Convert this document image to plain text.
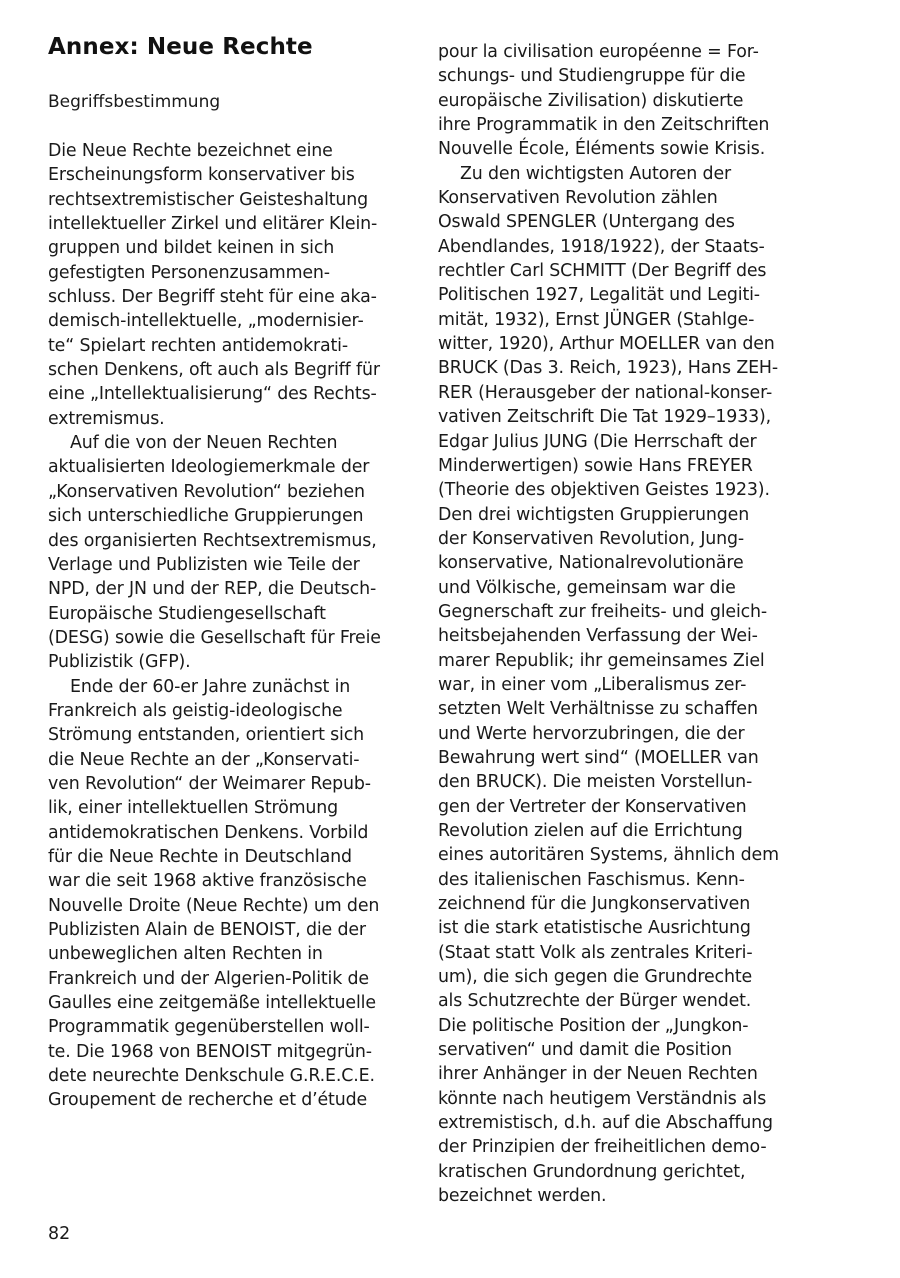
Annex: Neue Rechte

Begriffsbestimmung

Die Neue Rechte bezeichnet eine
Erscheinungsform konservativer bis
rechtsextremistischer Geisteshaltung
intellektueller Zirkel und elitärer Klein-
gruppen und bildet keinen in sich
gefestigten Personenzusammen-
schluss. Der Begriff steht für eine aka-
demisch-intellektuelle, „modernisier-
te“ Spielart rechten antidemokrati-
schen Denkens, oft auch als Begriff für
eine „Intellektualisierung“ des Rechts-
extremismus.
Auf die von der Neuen Rechten
aktualisierten Ideologiemerkmale der
„Konservativen Revolution“ beziehen
sich unterschiedliche Gruppierungen
des organisierten Rechtsextremismus,
Verlage und Publizisten wie Teile der
NPD, der JN und der REP, die Deutsch-
Europäische Studiengesellschaft
(DESG) sowie die Gesellschaft für Freie
Publizistik (GFP).
Ende der 60-er Jahre zunächst in
Frankreich als geistig-ideologische
Strömung entstanden, orientiert sich
die Neue Rechte an der „Konservati-
ven Revolution“ der Weimarer Repub-
lik, einer intellektuellen Strömung
antidemokratischen Denkens. Vorbild
für die Neue Rechte in Deutschland
war die seit 1968 aktive französische
Nouvelle Droite (Neue Rechte) um den
Publizisten Alain de BENOIST, die der
unbeweglichen alten Rechten in
Frankreich und der Algerien-Politik de
Gaulles eine zeitgemäße intellektuelle
Programmatik gegenüberstellen woll-
te. Die 1968 von BENOIST mitgegrün-
dete neurechte Denkschule G.R.E.C.E.
Groupement de recherche et d’étude
pour la civilisation européenne = For-
schungs- und Studiengruppe für die
europäische Zivilisation) diskutierte
ihre Programmatik in den Zeitschriften
Nouvelle École, Éléments sowie Krisis.
Zu den wichtigsten Autoren der
Konservativen Revolution zählen
Oswald SPENGLER (Untergang des
Abendlandes, 1918/1922), der Staats-
rechtler Carl SCHMITT (Der Begriff des
Politischen 1927, Legalität und Legiti-
mität, 1932), Ernst JÜNGER (Stahlge-
witter, 1920), Arthur MOELLER van den
BRUCK (Das 3. Reich, 1923), Hans ZEH-
RER (Herausgeber der national-konser-
vativen Zeitschrift Die Tat 1929–1933),
Edgar Julius JUNG (Die Herrschaft der
Minderwertigen) sowie Hans FREYER
(Theorie des objektiven Geistes 1923).
Den drei wichtigsten Gruppierungen
der Konservativen Revolution, Jung-
konservative, Nationalrevolutionäre
und Völkische, gemeinsam war die
Gegnerschaft zur freiheits- und gleich-
heitsbejahenden Verfassung der Wei-
marer Republik; ihr gemeinsames Ziel
war, in einer vom „Liberalismus zer-
setzten Welt Verhältnisse zu schaffen
und Werte hervorzubringen, die der
Bewahrung wert sind“ (MOELLER van
den BRUCK). Die meisten Vorstellun-
gen der Vertreter der Konservativen
Revolution zielen auf die Errichtung
eines autoritären Systems, ähnlich dem
des italienischen Faschismus. Kenn-
zeichnend für die Jungkonservativen
ist die stark etatistische Ausrichtung
(Staat statt Volk als zentrales Kriteri-
um), die sich gegen die Grundrechte
als Schutzrechte der Bürger wendet.
Die politische Position der „Jungkon-
servativen“ und damit die Position
ihrer Anhänger in der Neuen Rechten
könnte nach heutigem Verständnis als
extremistisch, d.h. auf die Abschaffung
der Prinzipien der freiheitlichen demo-
kratischen Grundordnung gerichtet,
bezeichnet werden.

82
